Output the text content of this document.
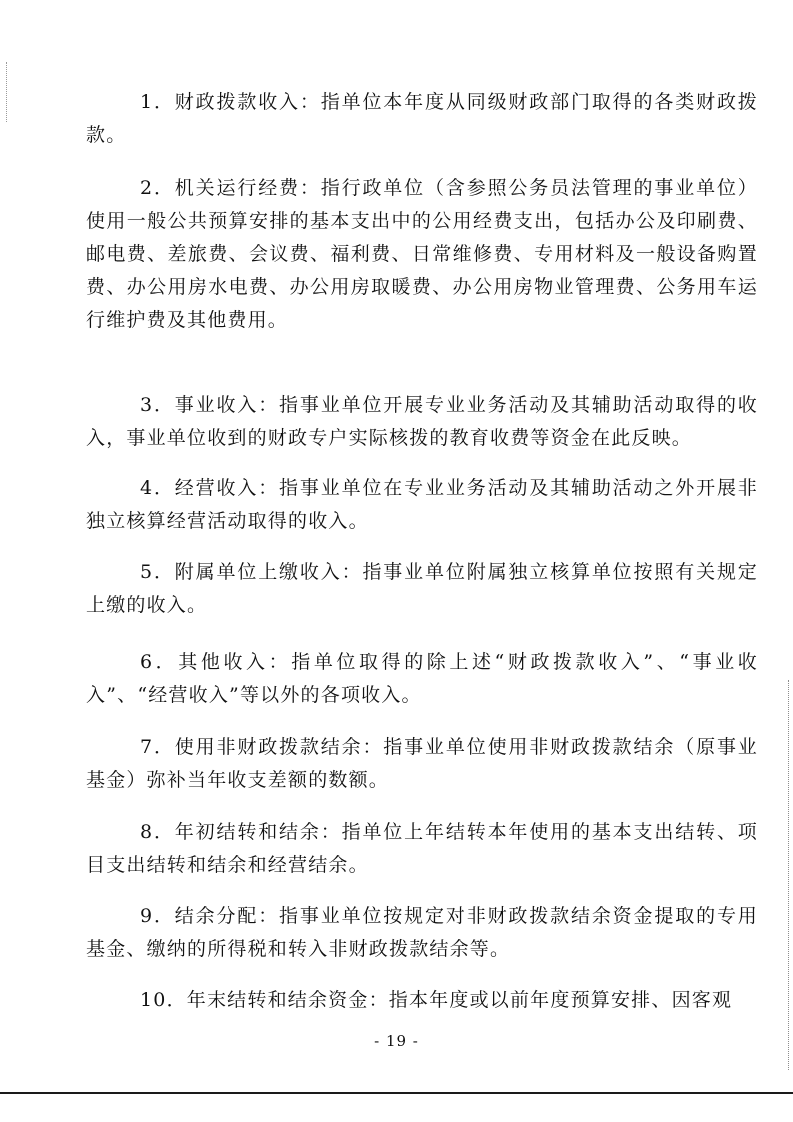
1．财政拨款收入：指单位本年度从同级财政部门取得的各类财政拨款。

2．机关运行经费：指行政单位（含参照公务员法管理的事业单位）使用一般公共预算安排的基本支出中的公用经费支出，包括办公及印刷费、邮电费、差旅费、会议费、福利费、日常维修费、专用材料及一般设备购置费、办公用房水电费、办公用房取暖费、办公用房物业管理费、公务用车运行维护费及其他费用。

3．事业收入：指事业单位开展专业业务活动及其辅助活动取得的收入，事业单位收到的财政专户实际核拨的教育收费等资金在此反映。

4．经营收入：指事业单位在专业业务活动及其辅助活动之外开展非独立核算经营活动取得的收入。

5．附属单位上缴收入：指事业单位附属独立核算单位按照有关规定上缴的收入。

6．其他收入：指单位取得的除上述“财政拨款收入”、“事业收入”、“经营收入”等以外的各项收入。

7．使用非财政拨款结余：指事业单位使用非财政拨款结余（原事业基金）弥补当年收支差额的数额。

8．年初结转和结余：指单位上年结转本年使用的基本支出结转、项目支出结转和结余和经营结余。

9．结余分配：指事业单位按规定对非财政拨款结余资金提取的专用基金、缴纳的所得税和转入非财政拨款结余等。

10．年末结转和结余资金：指本年度或以前年度预算安排、因客观

- 19 -
